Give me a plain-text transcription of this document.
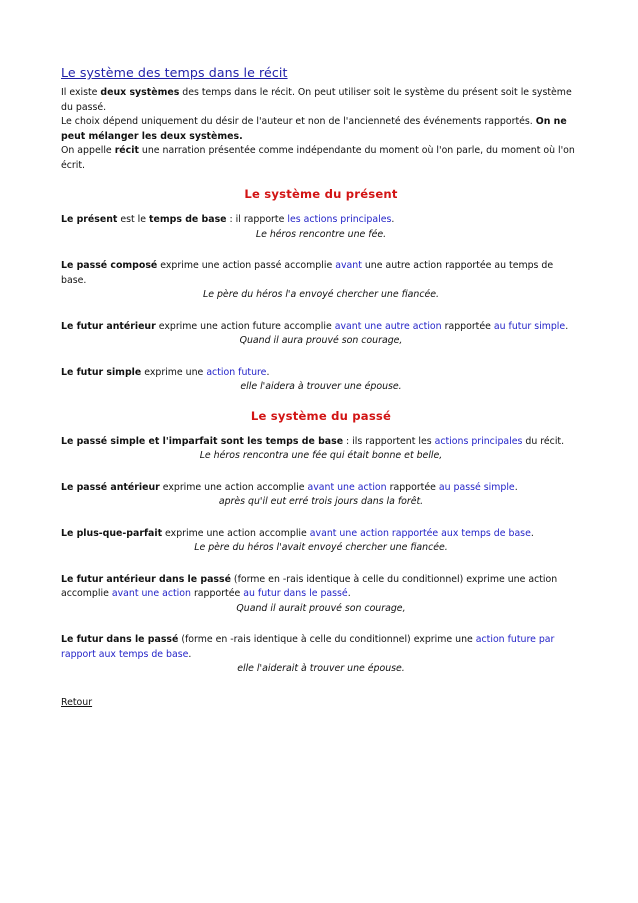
Le système des temps dans le récit

Il existe deux systèmes des temps dans le récit. On peut utiliser soit le système du présent soit le système du passé.

Le choix dépend uniquement du désir de l'auteur et non de l'ancienneté des événements rapportés. On ne peut mélanger les deux systèmes.

On appelle récit une narration présentée comme indépendante du moment où l'on parle, du moment où l'on écrit.

Le système du présent

Le présent est le temps de base : il rapporte les actions principales.

Le héros rencontre une fée.

Le passé composé exprime une action passé accomplie avant une autre action rapportée au temps de base.

Le père du héros l'a envoyé chercher une fiancée.

Le futur antérieur exprime une action future accomplie avant une autre action rapportée au futur simple.

Quand il aura prouvé son courage,

Le futur simple exprime une action future.

elle l'aidera à trouver une épouse.

Le système du passé

Le passé simple et l'imparfait sont les temps de base : ils rapportent les actions principales du récit.

Le héros rencontra une fée qui était bonne et belle,

Le passé antérieur exprime une action accomplie avant une action rapportée au passé simple.

après qu'il eut erré trois jours dans la forêt.

Le plus-que-parfait exprime une action accomplie avant une action rapportée aux temps de base.

Le père du héros l'avait envoyé chercher une fiancée.

Le futur antérieur dans le passé (forme en -rais identique à celle du conditionnel) exprime une action accomplie avant une action rapportée au futur dans le passé.

Quand il aurait prouvé son courage,

Le futur dans le passé (forme en -rais identique à celle du conditionnel) exprime une action future par rapport aux temps de base.

elle l'aiderait à trouver une épouse.

Retour
